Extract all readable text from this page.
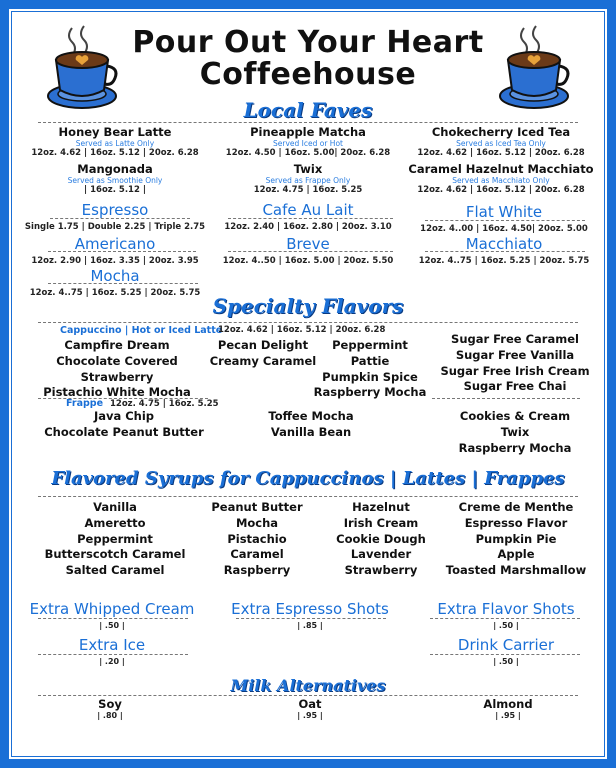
Pour Out Your Heart
Coffeehouse
Local Faves
Honey Bear Latte
Served as Latte Only
12oz. 4.62 | 16oz. 5.12 | 20oz. 6.28
Pineapple Matcha
Served Iced or Hot
12oz. 4.50 | 16oz. 5.00| 20oz. 6.28
Chokecherry Iced Tea
Served as Iced Tea Only
12oz. 4.62 | 16oz. 5.12 | 20oz. 6.28
Mangonada
Served as Smoothie Only
| 16oz. 5.12 |
Twix
Served as Frappe Only
12oz. 4.75 | 16oz. 5.25
Caramel Hazelnut Macchiato
Served as Macchiato Only
12oz. 4.62 | 16oz. 5.12 | 20oz. 6.28
Espresso
Single 1.75 | Double 2.25 | Triple 2.75
Cafe Au Lait
12oz. 2.40 | 16oz. 2.80 | 20oz. 3.10
Flat White
12oz. 4..00 | 16oz. 4.50| 20oz. 5.00
Americano
12oz. 2.90 | 16oz. 3.35 | 20oz. 3.95
Breve
12oz. 4..50 | 16oz. 5.00 | 20oz. 5.50
Macchiato
12oz. 4..75 | 16oz. 5.25 | 20oz. 5.75
Mocha
12oz. 4..75 | 16oz. 5.25 | 20oz. 5.75
Specialty Flavors
Cappuccino | Hot or Iced Latte
12oz. 4.62 | 16oz. 5.12 | 20oz. 6.28
Campfire Dream
Chocolate Covered Strawberry
Pistachio White Mocha
Pecan Delight
Creamy Caramel
Peppermint Pattie
Pumpkin Spice
Raspberry Mocha
Sugar Free Caramel
Sugar Free Vanilla
Sugar Free Irish Cream
Sugar Free Chai
Frappe 12oz. 4.75 | 16oz. 5.25
Java Chip
Chocolate Peanut Butter
Toffee Mocha
Vanilla Bean
Cookies & Cream
Twix
Raspberry Mocha
Flavored Syrups for Cappuccinos | Lattes | Frappes
Vanilla
Ameretto
Peppermint
Butterscotch Caramel
Salted Caramel
Peanut Butter
Mocha
Pistachio
Caramel
Raspberry
Hazelnut
Irish Cream
Cookie Dough
Lavender
Strawberry
Creme de Menthe
Espresso Flavor
Pumpkin Pie
Apple
Toasted Marshmallow
Extra Whipped Cream
| .50 |
Extra Espresso Shots
| .85 |
Extra Flavor Shots
| .50 |
Extra Ice
| .20 |
Drink Carrier
| .50 |
Milk Alternatives
Soy
| .80 |
Oat
| .95 |
Almond
| .95 |
